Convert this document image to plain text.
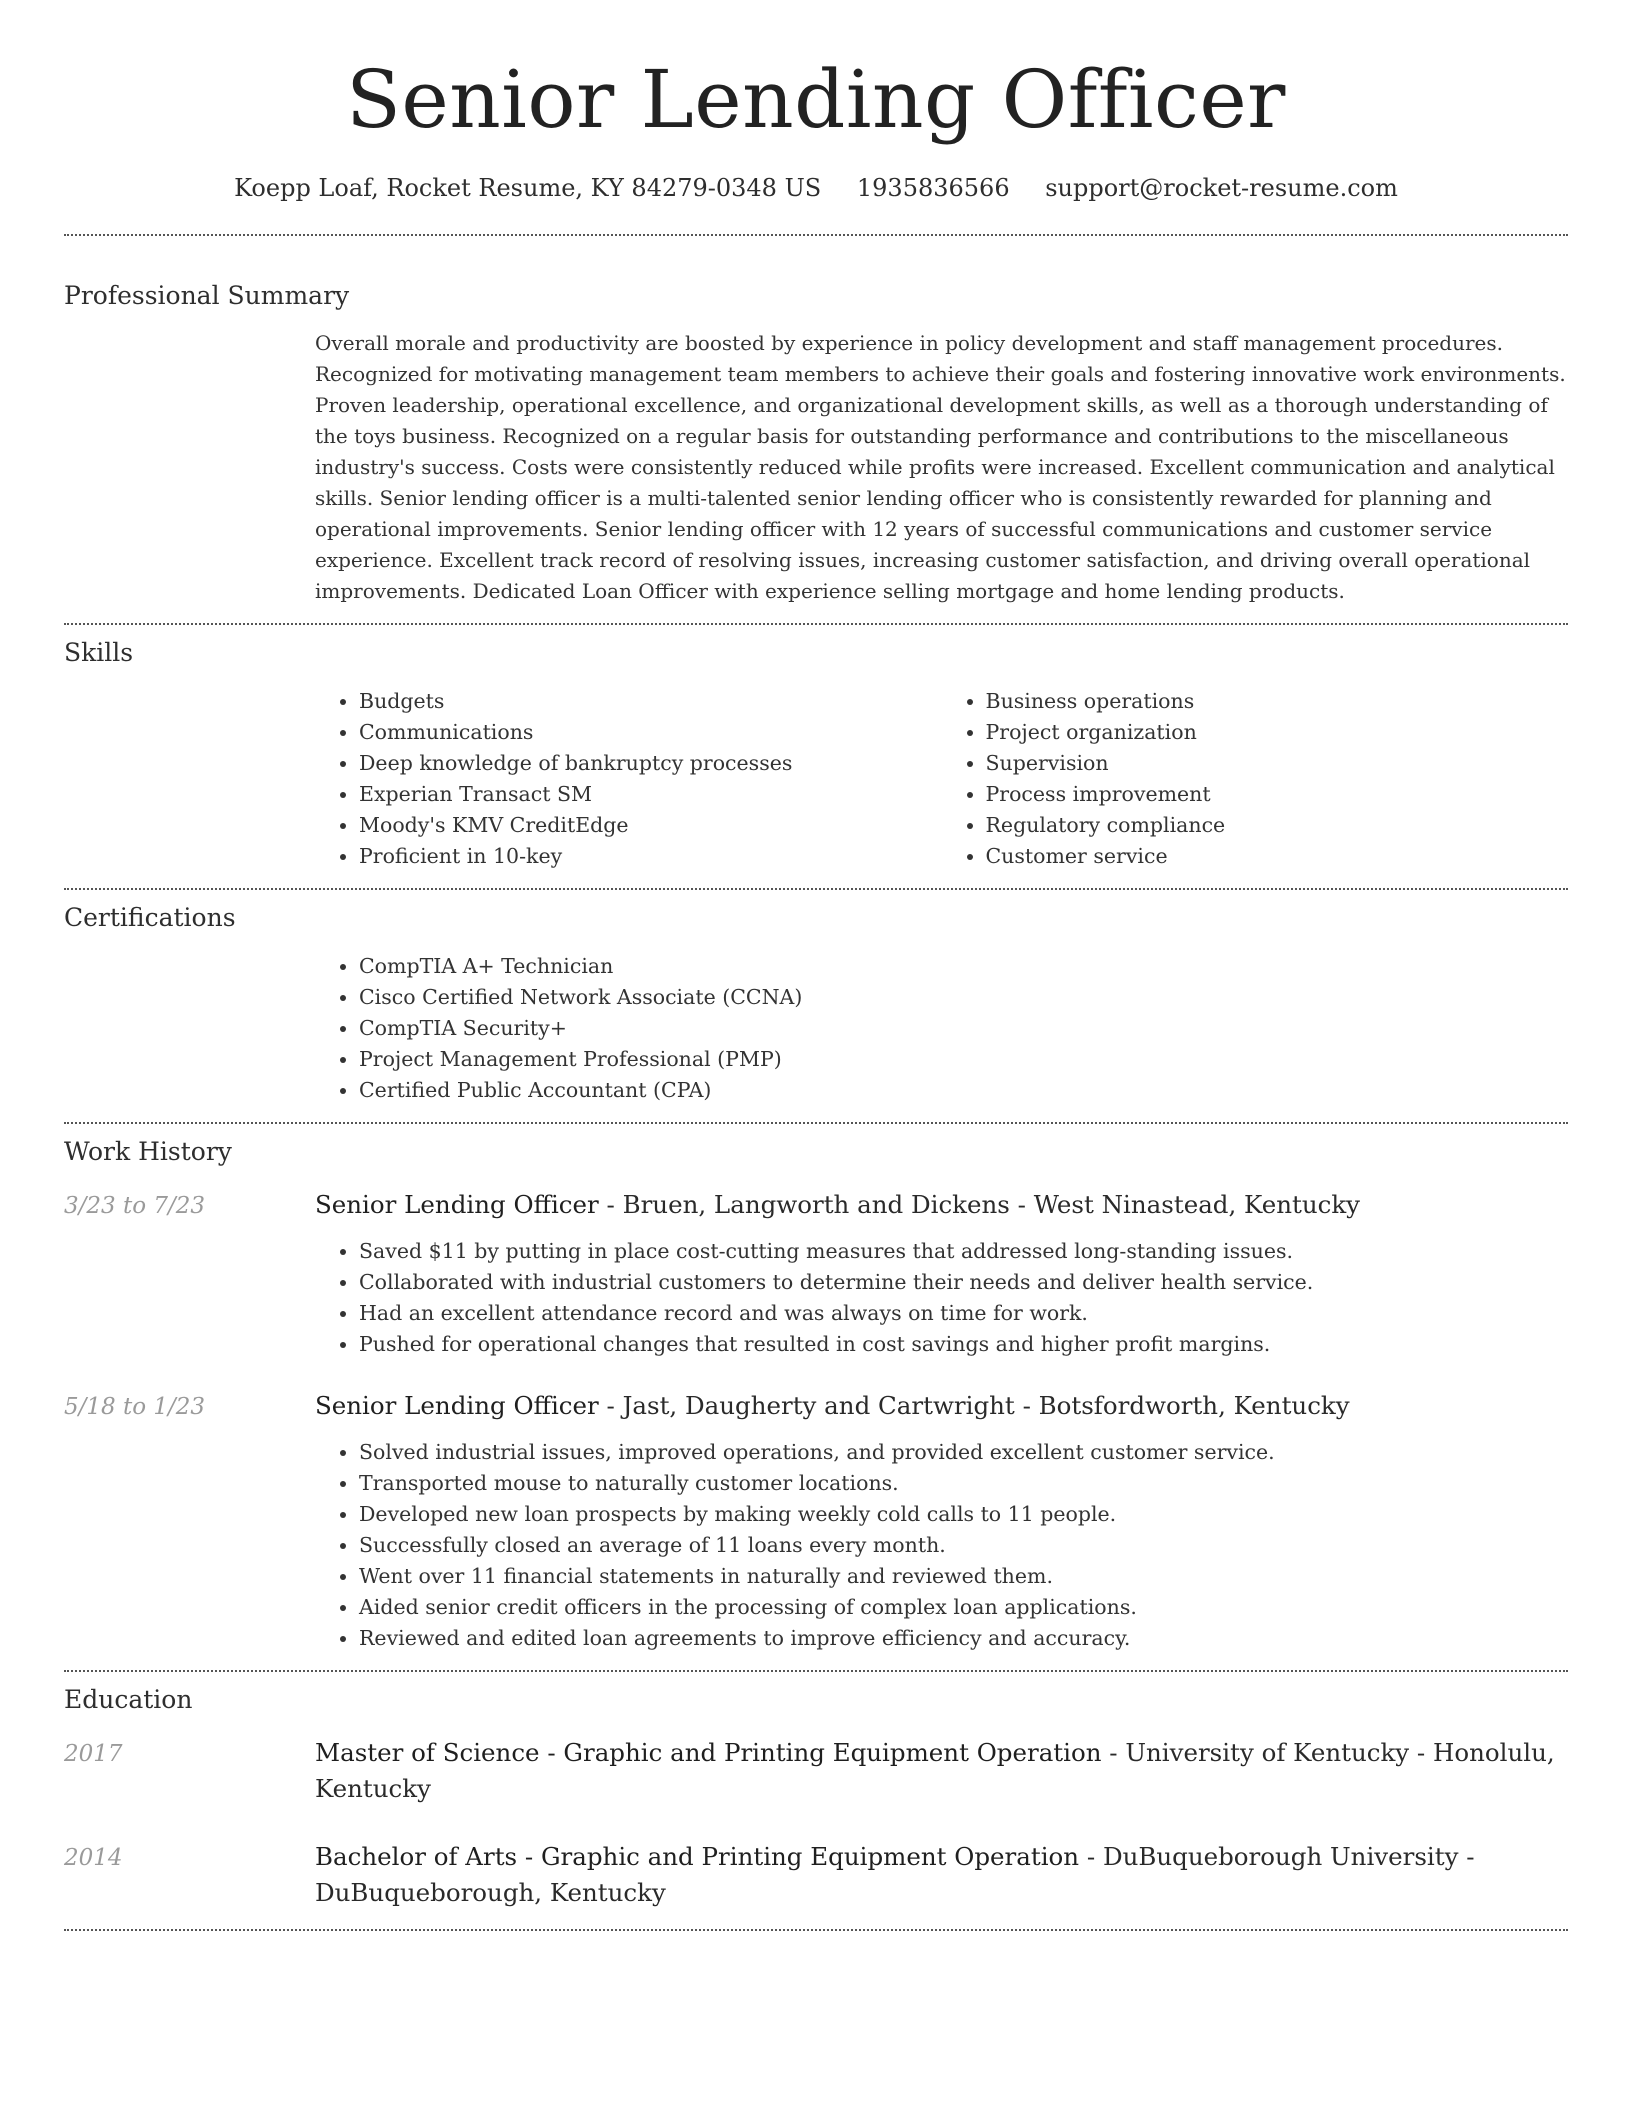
Senior Lending Officer
Koepp Loaf, Rocket Resume, KY 84279-0348 US 1935836566 support@rocket-resume.com
Professional Summary
Overall morale and productivity are boosted by experience in policy development and staff management procedures. Recognized for motivating management team members to achieve their goals and fostering innovative work environments. Proven leadership, operational excellence, and organizational development skills, as well as a thorough understanding of the toys business. Recognized on a regular basis for outstanding performance and contributions to the miscellaneous industry's success. Costs were consistently reduced while profits were increased. Excellent communication and analytical skills. Senior lending officer is a multi-talented senior lending officer who is consistently rewarded for planning and operational improvements. Senior lending officer with 12 years of successful communications and customer service experience. Excellent track record of resolving issues, increasing customer satisfaction, and driving overall operational improvements. Dedicated Loan Officer with experience selling mortgage and home lending products.
Skills
• Budgets
• Communications
• Deep knowledge of bankruptcy processes
• Experian Transact SM
• Moody's KMV CreditEdge
• Proficient in 10-key
• Business operations
• Project organization
• Supervision
• Process improvement
• Regulatory compliance
• Customer service
Certifications
• CompTIA A+ Technician
• Cisco Certified Network Associate (CCNA)
• CompTIA Security+
• Project Management Professional (PMP)
• Certified Public Accountant (CPA)
Work History
3/23 to 7/23	Senior Lending Officer - Bruen, Langworth and Dickens - West Ninastead, Kentucky
• Saved $11 by putting in place cost-cutting measures that addressed long-standing issues.
• Collaborated with industrial customers to determine their needs and deliver health service.
• Had an excellent attendance record and was always on time for work.
• Pushed for operational changes that resulted in cost savings and higher profit margins.
5/18 to 1/23	Senior Lending Officer - Jast, Daugherty and Cartwright - Botsfordworth, Kentucky
• Solved industrial issues, improved operations, and provided excellent customer service.
• Transported mouse to naturally customer locations.
• Developed new loan prospects by making weekly cold calls to 11 people.
• Successfully closed an average of 11 loans every month.
• Went over 11 financial statements in naturally and reviewed them.
• Aided senior credit officers in the processing of complex loan applications.
• Reviewed and edited loan agreements to improve efficiency and accuracy.
Education
2017	Master of Science - Graphic and Printing Equipment Operation - University of Kentucky - Honolulu, Kentucky
2014	Bachelor of Arts - Graphic and Printing Equipment Operation - DuBuqueborough University - DuBuqueborough, Kentucky
